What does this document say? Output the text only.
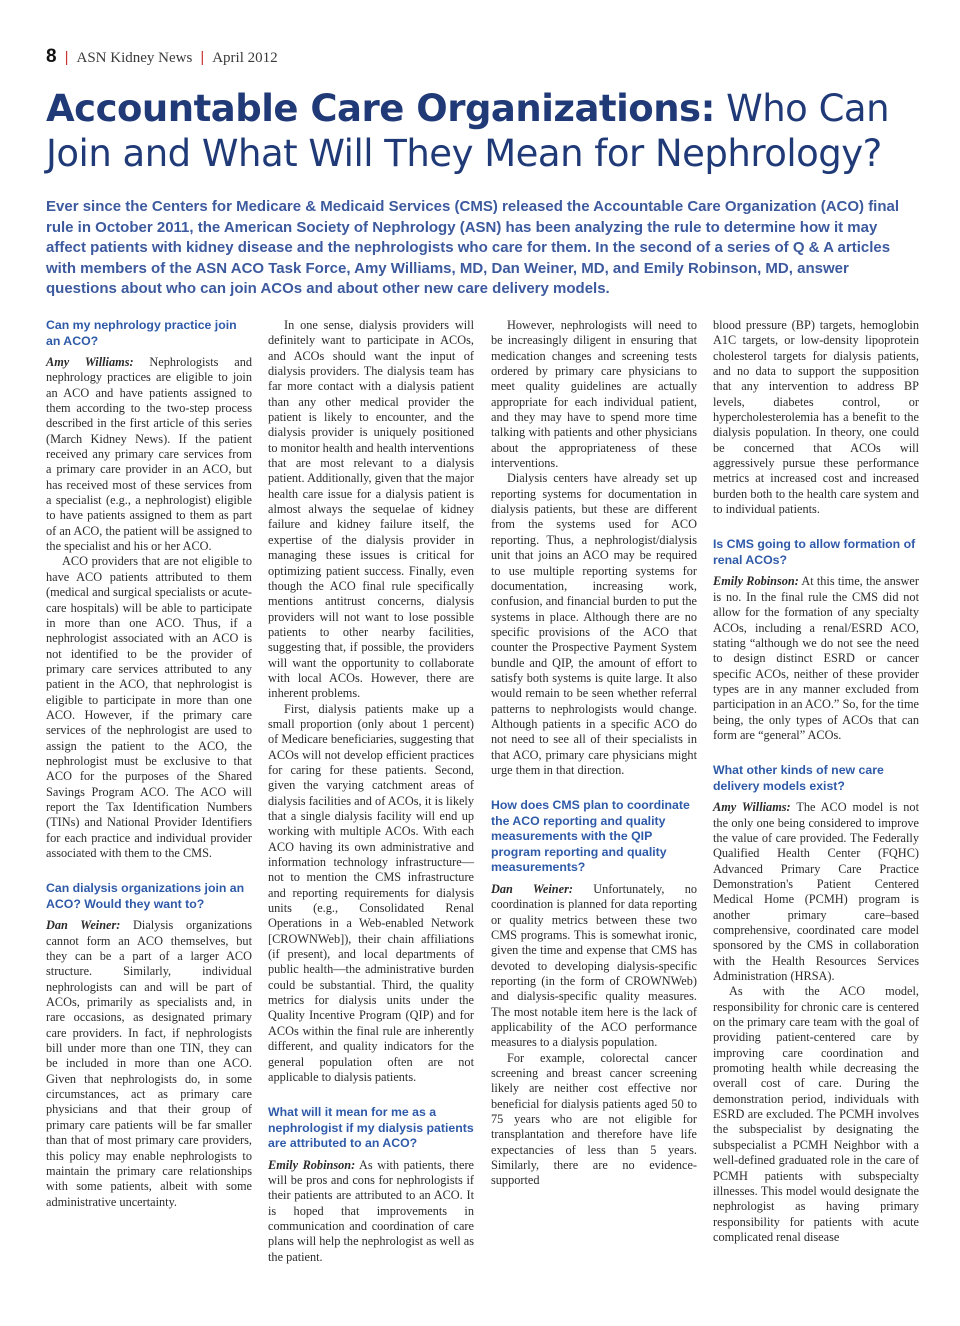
8 | ASN Kidney News | April 2012
Accountable Care Organizations: Who Can Join and What Will They Mean for Nephrology?

Ever since the Centers for Medicare & Medicaid Services (CMS) released the Accountable Care Organization (ACO) final rule in October 2011, the American Society of Nephrology (ASN) has been analyzing the rule to determine how it may affect patients with kidney disease and the nephrologists who care for them. In the second of a series of Q & A articles with members of the ASN ACO Task Force, Amy Williams, MD, Dan Weiner, MD, and Emily Robinson, MD, answer questions about who can join ACOs and about other new care delivery models.

Can my nephrology practice join an ACO?

Amy Williams: Nephrologists and nephrology practices are eligible to join an ACO and have patients assigned to them according to the two-step process described in the first article of this series (March Kidney News). If the patient received any primary care services from a primary care provider in an ACO, but has received most of these services from a specialist (e.g., a nephrologist) eligible to have patients assigned to them as part of an ACO, the patient will be assigned to the specialist and his or her ACO.

ACO providers that are not eligible to have ACO patients attributed to them (medical and surgical specialists or acute-care hospitals) will be able to participate in more than one ACO. Thus, if a nephrologist associated with an ACO is not identified to be the provider of primary care services attributed to any patient in the ACO, that nephrologist is eligible to participate in more than one ACO. However, if the primary care services of the nephrologist are used to assign the patient to the ACO, the nephrologist must be exclusive to that ACO for the purposes of the Shared Savings Program ACO. The ACO will report the Tax Identification Numbers (TINs) and National Provider Identifiers for each practice and individual provider associated with them to the CMS.

Can dialysis organizations join an ACO? Would they want to?

Dan Weiner: Dialysis organizations cannot form an ACO themselves, but they can be a part of a larger ACO structure. Similarly, individual nephrologists can and will be part of ACOs, primarily as specialists and, in rare occasions, as designated primary care providers. In fact, if nephrologists bill under more than one TIN, they can be included in more than one ACO. Given that nephrologists do, in some circumstances, act as primary care physicians and that their group of primary care patients will be far smaller than that of most primary care providers, this policy may enable nephrologists to maintain the primary care relationships with some patients, albeit with some administrative uncertainty.

In one sense, dialysis providers will definitely want to participate in ACOs, and ACOs should want the input of dialysis providers. The dialysis team has far more contact with a dialysis patient than any other medical provider the patient is likely to encounter, and the dialysis provider is uniquely positioned to monitor health and health interventions that are most relevant to a dialysis patient. Additionally, given that the major health care issue for a dialysis patient is almost always the sequelae of kidney failure and kidney failure itself, the expertise of the dialysis provider in managing these issues is critical for optimizing patient success. Finally, even though the ACO final rule specifically mentions antitrust concerns, dialysis providers will not want to lose possible patients to other nearby facilities, suggesting that, if possible, the providers will want the opportunity to collaborate with local ACOs. However, there are inherent problems.

First, dialysis patients make up a small proportion (only about 1 percent) of Medicare beneficiaries, suggesting that ACOs will not develop efficient practices for caring for these patients. Second, given the varying catchment areas of dialysis facilities and of ACOs, it is likely that a single dialysis facility will end up working with multiple ACOs. With each ACO having its own administrative and information technology infrastructure—not to mention the CMS infrastructure and reporting requirements for dialysis units (e.g., Consolidated Renal Operations in a Web-enabled Network [CROWNWeb]), their chain affiliations (if present), and local departments of public health—the administrative burden could be substantial. Third, the quality metrics for dialysis units under the Quality Incentive Program (QIP) and for ACOs within the final rule are inherently different, and quality indicators for the general population often are not applicable to dialysis patients.

What will it mean for me as a nephrologist if my dialysis patients are attributed to an ACO?

Emily Robinson: As with patients, there will be pros and cons for nephrologists if their patients are attributed to an ACO. It is hoped that improvements in communication and coordination of care plans will help the nephrologist as well as the patient.

However, nephrologists will need to be increasingly diligent in ensuring that medication changes and screening tests ordered by primary care physicians to meet quality guidelines are actually appropriate for each individual patient, and they may have to spend more time talking with patients and other physicians about the appropriateness of these interventions.

Dialysis centers have already set up reporting systems for documentation in dialysis patients, but these are different from the systems used for ACO reporting. Thus, a nephrologist/dialysis unit that joins an ACO may be required to use multiple reporting systems for documentation, increasing work, confusion, and financial burden to put the systems in place. Although there are no specific provisions of the ACO that counter the Prospective Payment System bundle and QIP, the amount of effort to satisfy both systems is quite large. It also would remain to be seen whether referral patterns to nephrologists would change. Although patients in a specific ACO do not need to see all of their specialists in that ACO, primary care physicians might urge them in that direction.

How does CMS plan to coordinate the ACO reporting and quality measurements with the QIP program reporting and quality measurements?

Dan Weiner: Unfortunately, no coordination is planned for data reporting or quality metrics between these two CMS programs. This is somewhat ironic, given the time and expense that CMS has devoted to developing dialysis-specific reporting (in the form of CROWNWeb) and dialysis-specific quality measures. The most notable item here is the lack of applicability of the ACO performance measures to a dialysis population.

For example, colorectal cancer screening and breast cancer screening likely are neither cost effective nor beneficial for dialysis patients aged 50 to 75 years who are not eligible for transplantation and therefore have life expectancies of less than 5 years. Similarly, there are no evidence-supported

blood pressure (BP) targets, hemoglobin A1C targets, or low-density lipoprotein cholesterol targets for dialysis patients, and no data to support the supposition that any intervention to address BP levels, diabetes control, or hypercholesterolemia has a benefit to the dialysis population. In theory, one could be concerned that ACOs will aggressively pursue these performance metrics at increased cost and increased burden both to the health care system and to individual patients.

Is CMS going to allow formation of renal ACOs?

Emily Robinson: At this time, the answer is no. In the final rule the CMS did not allow for the formation of any specialty ACOs, including a renal/ESRD ACO, stating “although we do not see the need to design distinct ESRD or cancer specific ACOs, neither of these provider types are in any manner excluded from participation in an ACO.” So, for the time being, the only types of ACOs that can form are “general” ACOs.

What other kinds of new care delivery models exist?

Amy Williams: The ACO model is not the only one being considered to improve the value of care provided. The Federally Qualified Health Center (FQHC) Advanced Primary Care Practice Demonstration's Patient Centered Medical Home (PCMH) program is another primary care–based comprehensive, coordinated care model sponsored by the CMS in collaboration with the Health Resources Services Administration (HRSA).

As with the ACO model, responsibility for chronic care is centered on the primary care team with the goal of providing patient-centered care by improving care coordination and promoting health while decreasing the overall cost of care. During the demonstration period, individuals with ESRD are excluded. The PCMH involves the subspecialist by designating the subspecialist a PCMH Neighbor with a well-defined graduated role in the care of PCMH patients with subspecialty illnesses. This model would designate the nephrologist as having primary responsibility for patients with acute complicated renal disease
